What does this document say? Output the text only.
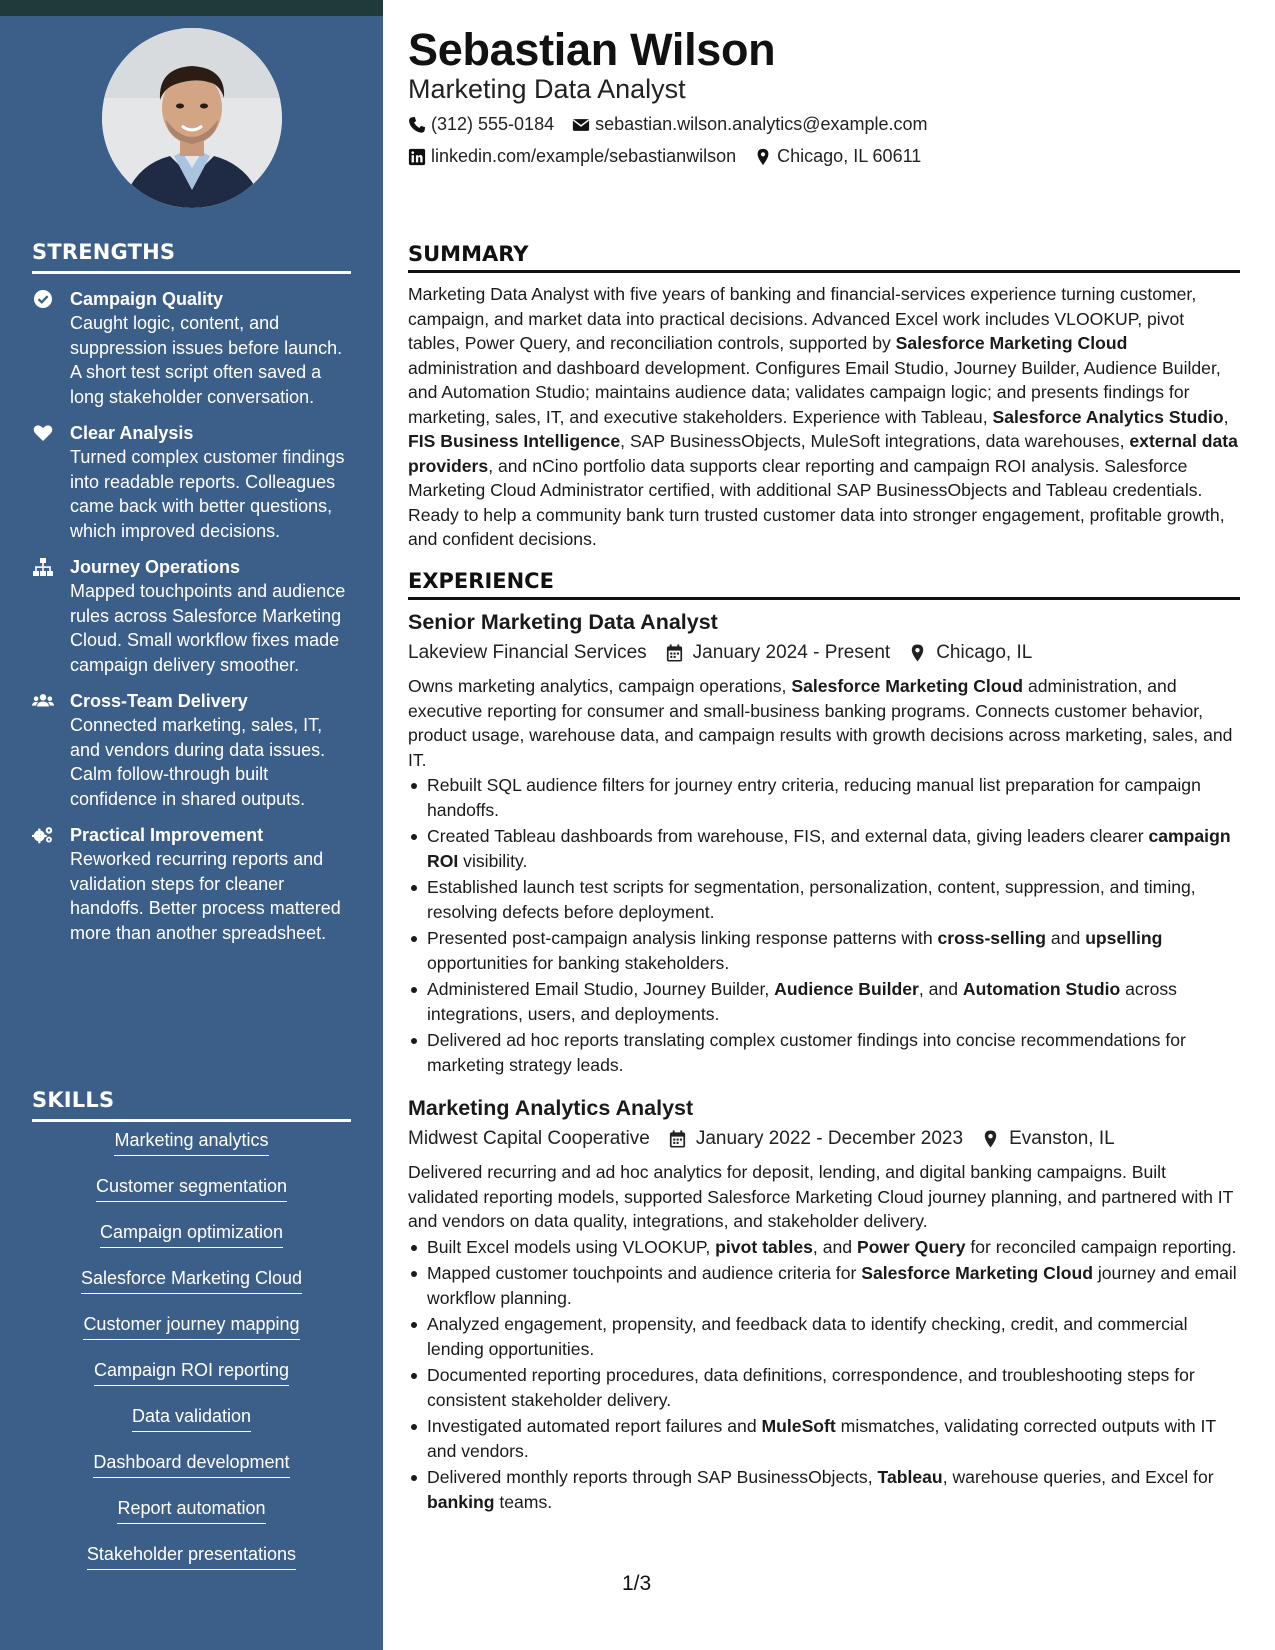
STRENGTHS
Campaign Quality
Caught logic, content, and suppression issues before launch. A short test script often saved a long stakeholder conversation.
Clear Analysis
Turned complex customer findings into readable reports. Colleagues came back with better questions, which improved decisions.
Journey Operations
Mapped touchpoints and audience rules across Salesforce Marketing Cloud. Small workflow fixes made campaign delivery smoother.
Cross-Team Delivery
Connected marketing, sales, IT, and vendors during data issues. Calm follow-through built confidence in shared outputs.
Practical Improvement
Reworked recurring reports and validation steps for cleaner handoffs. Better process mattered more than another spreadsheet.
SKILLS
Marketing analytics
Customer segmentation
Campaign optimization
Salesforce Marketing Cloud
Customer journey mapping
Campaign ROI reporting
Data validation
Dashboard development
Report automation
Stakeholder presentations
Sebastian Wilson
Marketing Data Analyst
(312) 555-0184 sebastian.wilson.analytics@example.com
linkedin.com/example/sebastianwilson Chicago, IL 60611
SUMMARY
Marketing Data Analyst with five years of banking and financial-services experience turning customer, campaign, and market data into practical decisions. Advanced Excel work includes VLOOKUP, pivot tables, Power Query, and reconciliation controls, supported by Salesforce Marketing Cloud administration and dashboard development. Configures Email Studio, Journey Builder, Audience Builder, and Automation Studio; maintains audience data; validates campaign logic; and presents findings for marketing, sales, IT, and executive stakeholders. Experience with Tableau, Salesforce Analytics Studio, FIS Business Intelligence, SAP BusinessObjects, MuleSoft integrations, data warehouses, external data providers, and nCino portfolio data supports clear reporting and campaign ROI analysis. Salesforce Marketing Cloud Administrator certified, with additional SAP BusinessObjects and Tableau credentials. Ready to help a community bank turn trusted customer data into stronger engagement, profitable growth, and confident decisions.
EXPERIENCE
Senior Marketing Data Analyst
Lakeview Financial Services January 2024 - Present Chicago, IL
Owns marketing analytics, campaign operations, Salesforce Marketing Cloud administration, and executive reporting for consumer and small-business banking programs. Connects customer behavior, product usage, warehouse data, and campaign results with growth decisions across marketing, sales, and IT.
Rebuilt SQL audience filters for journey entry criteria, reducing manual list preparation for campaign handoffs.
Created Tableau dashboards from warehouse, FIS, and external data, giving leaders clearer campaign ROI visibility.
Established launch test scripts for segmentation, personalization, content, suppression, and timing, resolving defects before deployment.
Presented post-campaign analysis linking response patterns with cross-selling and upselling opportunities for banking stakeholders.
Administered Email Studio, Journey Builder, Audience Builder, and Automation Studio across integrations, users, and deployments.
Delivered ad hoc reports translating complex customer findings into concise recommendations for marketing strategy leads.
Marketing Analytics Analyst
Midwest Capital Cooperative January 2022 - December 2023 Evanston, IL
Delivered recurring and ad hoc analytics for deposit, lending, and digital banking campaigns. Built validated reporting models, supported Salesforce Marketing Cloud journey planning, and partnered with IT and vendors on data quality, integrations, and stakeholder delivery.
Built Excel models using VLOOKUP, pivot tables, and Power Query for reconciled campaign reporting.
Mapped customer touchpoints and audience criteria for Salesforce Marketing Cloud journey and email workflow planning.
Analyzed engagement, propensity, and feedback data to identify checking, credit, and commercial lending opportunities.
Documented reporting procedures, data definitions, correspondence, and troubleshooting steps for consistent stakeholder delivery.
Investigated automated report failures and MuleSoft mismatches, validating corrected outputs with IT and vendors.
Delivered monthly reports through SAP BusinessObjects, Tableau, warehouse queries, and Excel for banking teams.
1/3
